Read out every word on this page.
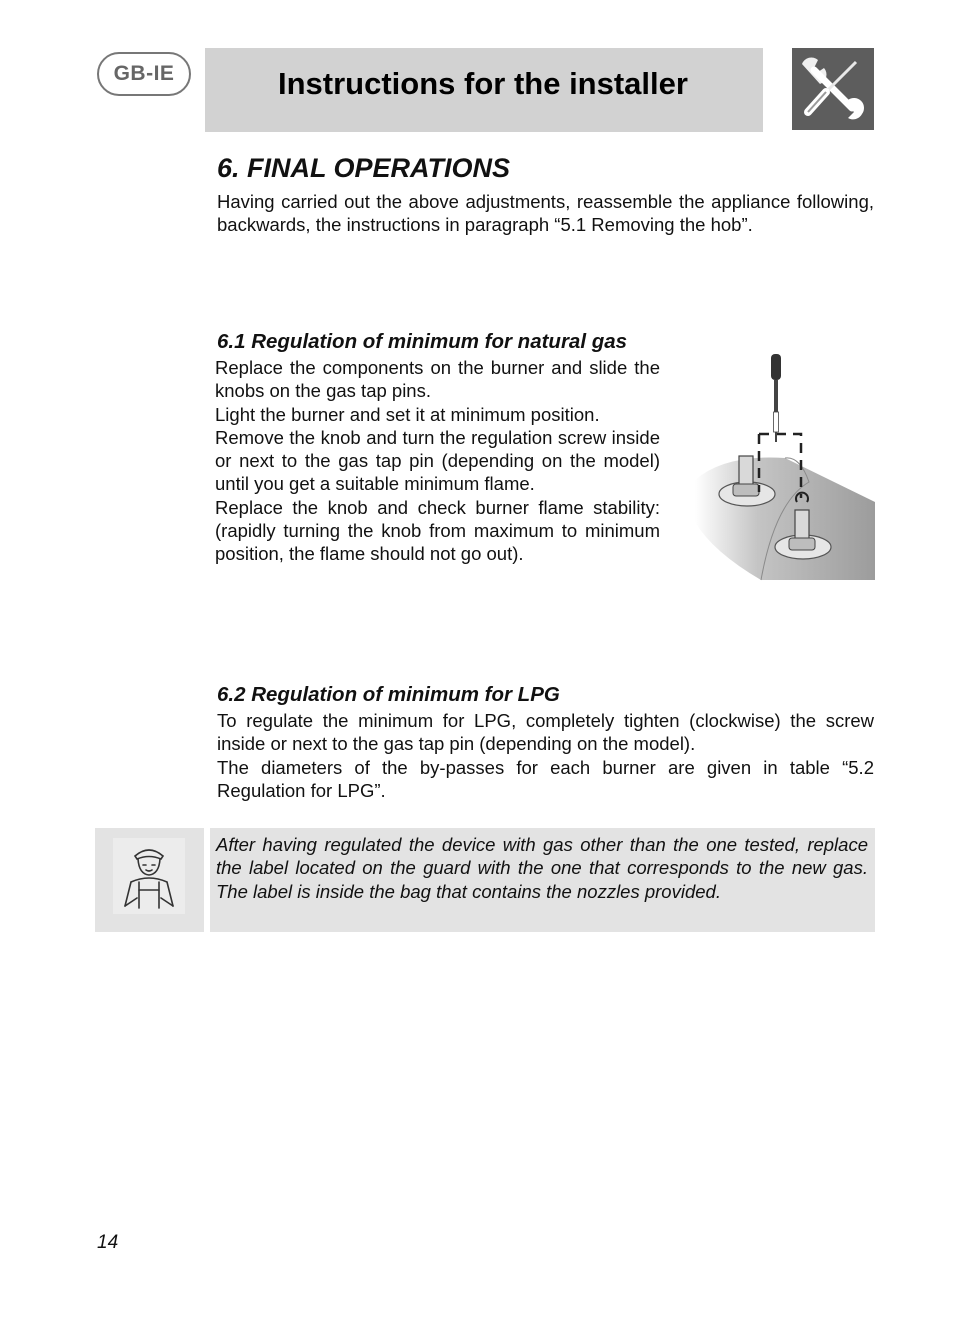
GB-IE	Instructions for the installer
6. FINAL OPERATIONS

Having carried out the above adjustments, reassemble the appliance following, backwards, the instructions in paragraph “5.1 Removing the hob”.

6.1 Regulation of minimum for natural gas

Replace the components on the burner and slide the knobs on the gas tap pins.

Light the burner and set it at minimum position.

Remove the knob and turn the regulation screw inside or next to the gas tap pin (depending on the model) until you get a suitable minimum flame.

Replace the knob and check burner flame stability: (rapidly turning the knob from maximum to minimum position, the flame should not go out).

6.2 Regulation of minimum for LPG

To regulate the minimum for LPG, completely tighten (clockwise) the screw inside or next to the gas tap pin (depending on the model).

The diameters of the by-passes for each burner are given in table “5.2 Regulation for LPG”.

After having regulated the device with gas other than the one tested, replace the label located on the guard with the one that corresponds to the new gas. The label is inside the bag that contains the nozzles provided.

14
